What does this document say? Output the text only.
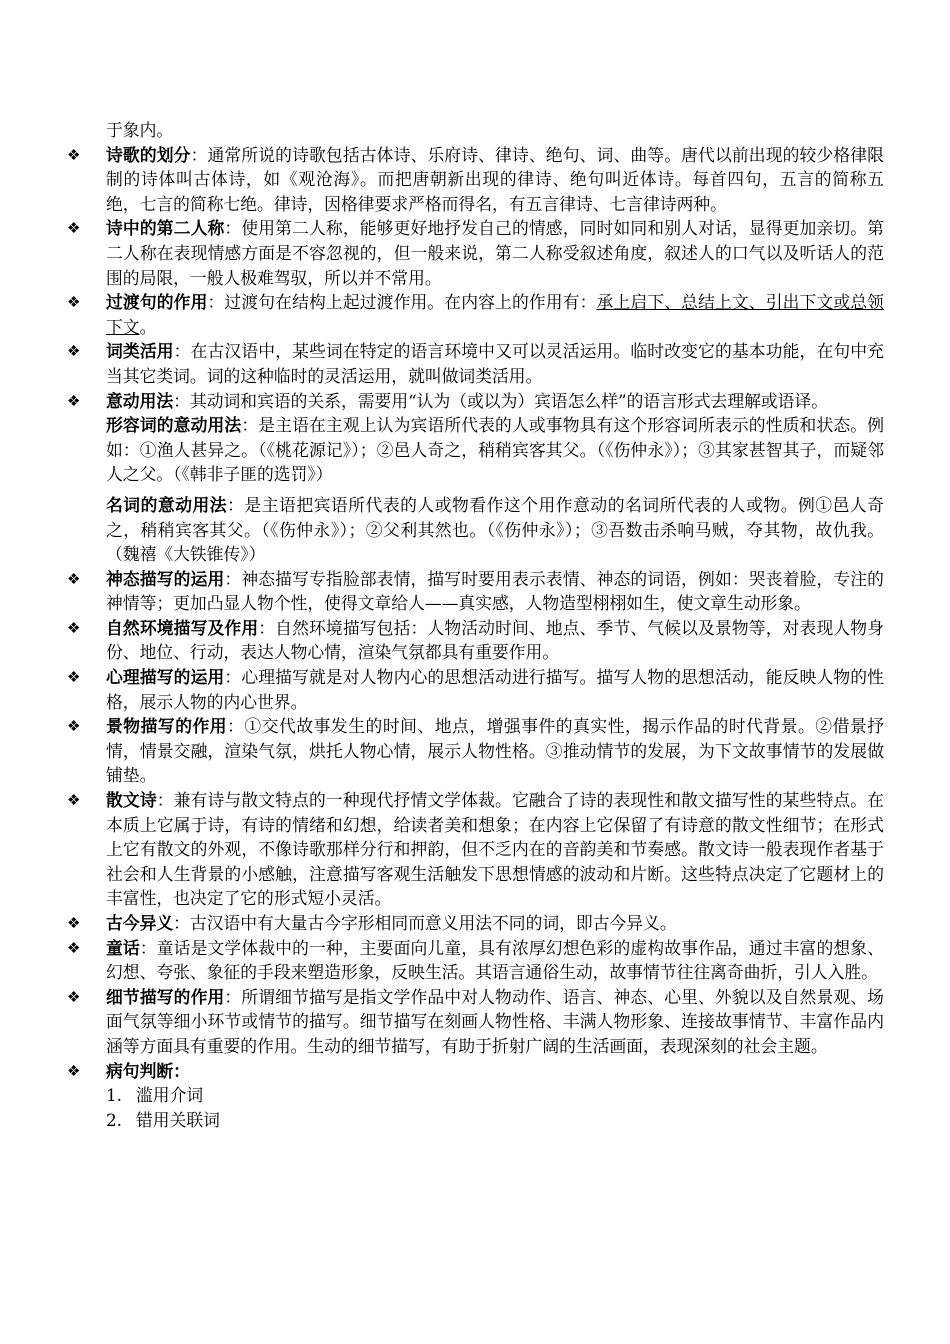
于象内。
❖ 诗歌的划分：通常所说的诗歌包括古体诗、乐府诗、律诗、绝句、词、曲等。唐代以前出现的较少格律限制的诗体叫古体诗，如《观沧海》。而把唐朝新出现的律诗、绝句叫近体诗。每首四句，五言的简称五绝，七言的简称七绝。律诗，因格律要求严格而得名，有五言律诗、七言律诗两种。
❖ 诗中的第二人称：使用第二人称，能够更好地抒发自己的情感，同时如同和别人对话，显得更加亲切。第二人称在表现情感方面是不容忽视的，但一般来说，第二人称受叙述角度，叙述人的口气以及听话人的范围的局限，一般人极难驾驭，所以并不常用。
❖ 过渡句的作用：过渡句在结构上起过渡作用。在内容上的作用有：承上启下、总结上文、引出下文或总领下文。
❖ 词类活用：在古汉语中，某些词在特定的语言环境中又可以灵活运用。临时改变它的基本功能，在句中充当其它类词。词的这种临时的灵活运用，就叫做词类活用。
❖ 意动用法：其动词和宾语的关系，需要用“认为（或以为）宾语怎么样”的语言形式去理解或语译。
形容词的意动用法：是主语在主观上认为宾语所代表的人或事物具有这个形容词所表示的性质和状态。例如：①渔人甚异之。（《桃花源记》）；②邑人奇之，稍稍宾客其父。（《伤仲永》）；③其家甚智其子，而疑邻人之父。（《韩非子匪的选罚》）
名词的意动用法：是主语把宾语所代表的人或物看作这个用作意动的名词所代表的人或物。例①邑人奇之，稍稍宾客其父。（《伤仲永》）；②父利其然也。（《伤仲永》）；③吾数击杀响马贼，夺其物，故仇我。（魏禧《大铁锥传》）
❖ 神态描写的运用：神态描写专指脸部表情，描写时要用表示表情、神态的词语，例如：哭丧着脸，专注的神情等；更加凸显人物个性，使得文章给人——真实感，人物造型栩栩如生，使文章生动形象。
❖ 自然环境描写及作用：自然环境描写包括：人物活动时间、地点、季节、气候以及景物等，对表现人物身份、地位、行动，表达人物心情，渲染气氛都具有重要作用。
❖ 心理描写的运用：心理描写就是对人物内心的思想活动进行描写。描写人物的思想活动，能反映人物的性格，展示人物的内心世界。
❖ 景物描写的作用：①交代故事发生的时间、地点，增强事件的真实性，揭示作品的时代背景。②借景抒情，情景交融，渲染气氛，烘托人物心情，展示人物性格。③推动情节的发展，为下文故事情节的发展做铺垫。
❖ 散文诗：兼有诗与散文特点的一种现代抒情文学体裁。它融合了诗的表现性和散文描写性的某些特点。在本质上它属于诗，有诗的情绪和幻想，给读者美和想象；在内容上它保留了有诗意的散文性细节；在形式上它有散文的外观，不像诗歌那样分行和押韵，但不乏内在的音韵美和节奏感。散文诗一般表现作者基于社会和人生背景的小感触，注意描写客观生活触发下思想情感的波动和片断。这些特点决定了它题材上的丰富性，也决定了它的形式短小灵活。
❖ 古今异义：古汉语中有大量古今字形相同而意义用法不同的词，即古今异义。
❖ 童话：童话是文学体裁中的一种，主要面向儿童，具有浓厚幻想色彩的虚构故事作品，通过丰富的想象、幻想、夸张、象征的手段来塑造形象，反映生活。其语言通俗生动，故事情节往往离奇曲折，引人入胜。
❖ 细节描写的作用：所谓细节描写是指文学作品中对人物动作、语言、神态、心里、外貌以及自然景观、场面气氛等细小环节或情节的描写。细节描写在刻画人物性格、丰满人物形象、连接故事情节、丰富作品内涵等方面具有重要的作用。生动的细节描写，有助于折射广阔的生活画面，表现深刻的社会主题。
❖ 病句判断：
1. 滥用介词
2. 错用关联词
